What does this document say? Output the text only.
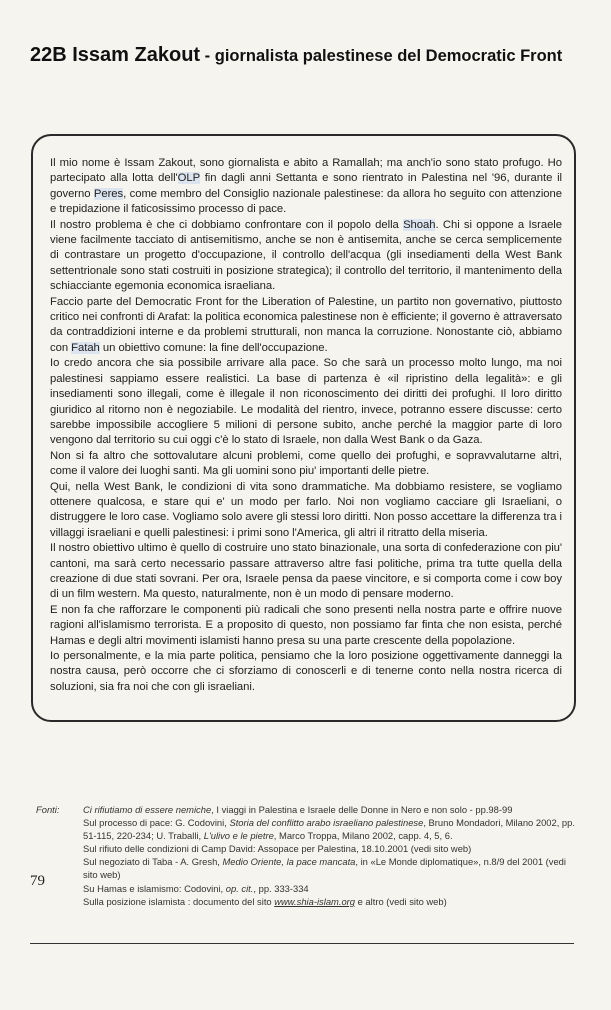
22B Issam Zakout - giornalista palestinese del Democratic Front

Il mio nome è Issam Zakout, sono giornalista e abito a Ramallah; ma anch'io sono stato profugo. Ho partecipato alla lotta dell'OLP fin dagli anni Settanta e sono rientrato in Palestina nel '96, durante il governo Peres, come membro del Consiglio nazionale palestinese: da allora ho seguito con attenzione e trepidazione il faticosissimo processo di pace.

Il nostro problema è che ci dobbiamo confrontare con il popolo della Shoah. Chi si oppone a Israele viene facilmente tacciato di antisemitismo, anche se non è antisemita, anche se cerca semplicemente di contrastare un progetto d'occupazione, il controllo dell'acqua (gli insediamenti della West Bank settentrionale sono stati costruiti in posizione strategica); il controllo del territorio, il mantenimento della schiacciante egemonia economica israeliana.

Faccio parte del Democratic Front for the Liberation of Palestine, un partito non governativo, piuttosto critico nei confronti di Arafat: la politica economica palestinese non è efficiente; il governo è attraversato da contraddizioni interne e da problemi strutturali, non manca la corruzione. Nonostante ciò, abbiamo con Fatah un obiettivo comune: la fine dell'occupazione.

Io credo ancora che sia possibile arrivare alla pace. So che sarà un processo molto lungo, ma noi palestinesi sappiamo essere realistici. La base di partenza è «il ripristino della legalità»: e gli insediamenti sono illegali, come è illegale il non riconoscimento dei diritti dei profughi. Il loro diritto giuridico al ritorno non è negoziabile. Le modalità del rientro, invece, potranno essere discusse: certo sarebbe impossibile accogliere 5 milioni di persone subito, anche perché la maggior parte di loro vengono dal territorio su cui oggi c'è lo stato di Israele, non dalla West Bank o da Gaza.

Non si fa altro che sottovalutare alcuni problemi, come quello dei profughi, e sopravvalutarne altri, come il valore dei luoghi santi. Ma gli uomini sono piu' importanti delle pietre.

Qui, nella West Bank, le condizioni di vita sono drammatiche. Ma dobbiamo resistere, se vogliamo ottenere qualcosa, e stare qui e' un modo per farlo. Noi non vogliamo cacciare gli Israeliani, o distruggere le loro case. Vogliamo solo avere gli stessi loro diritti. Non posso accettare la differenza tra i villaggi israeliani e quelli palestinesi: i primi sono l'America, gli altri il ritratto della miseria.

Il nostro obiettivo ultimo è quello di costruire uno stato binazionale, una sorta di confederazione con piu' cantoni, ma sarà certo necessario passare attraverso altre fasi politiche, prima tra tutte quella della creazione di due stati sovrani. Per ora, Israele pensa da paese vincitore, e si comporta come i cow boy di un film western. Ma questo, naturalmente, non è un modo di pensare moderno.

E non fa che rafforzare le componenti più radicali che sono presenti nella nostra parte e offrire nuove ragioni all'islamismo terrorista. E a proposito di questo, non possiamo far finta che non esista, perché Hamas e degli altri movimenti islamisti hanno presa su una parte crescente della popolazione.

Io personalmente, e la mia parte politica, pensiamo che la loro posizione oggettivamente danneggi la nostra causa, però occorre che ci sforziamo di conoscerli e di tenerne conto nella nostra ricerca di soluzioni, sia fra noi che con gli israeliani.

Fonti:	Ci rifiutiamo di essere nemiche, I viaggi in Palestina e Israele delle Donne in Nero e non solo - pp.98-99

Sul processo di pace: G. Codovini, Storia del conflitto arabo israeliano palestinese, Bruno Mondadori, Milano 2002, pp. 51-115, 220-234; U. Traballi, L'ulivo e le pietre, Marco Troppa, Milano 2002, capp. 4, 5, 6.

Sul rifiuto delle condizioni di Camp David: Assopace per Palestina, 18.10.2001 (vedi sito web)

Sul negoziato di Taba - A. Gresh, Medio Oriente, la pace mancata, in «Le Monde diplomatique», n.8/9 del 2001 (vedi sito web)

Su Hamas e islamismo: Codovini, op. cit., pp. 333-334

Sulla posizione islamista : documento del sito www.shia-islam.org e altro (vedi sito web)

79
